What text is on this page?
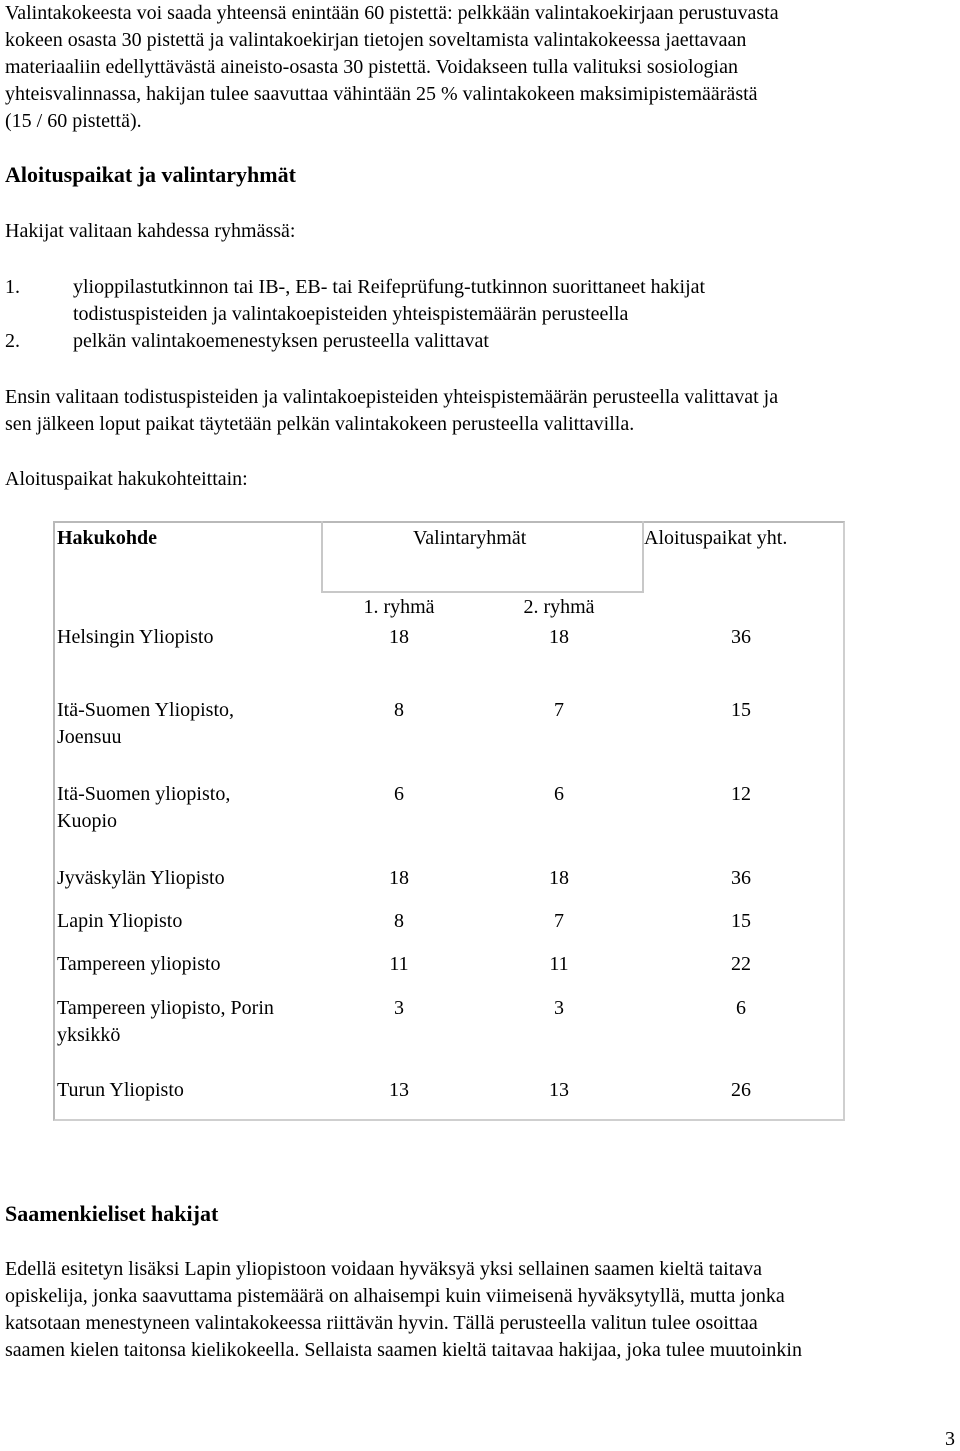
Valintakokeesta voi saada yhteensä enintään 60 pistettä: pelkkään valintakoekirjaan perustuvasta

kokeen osasta 30 pistettä ja valintakoekirjan tietojen soveltamista valintakokeessa jaettavaan

materiaaliin edellyttävästä aineisto-osasta 30 pistettä. Voidakseen tulla valituksi sosiologian

yhteisvalinnassa, hakijan tulee saavuttaa vähintään 25 % valintakokeen maksimipistemäärästä

(15 / 60 pistettä).

Aloituspaikat ja valintaryhmät

Hakijat valitaan kahdessa ryhmässä:

1.	ylioppilastutkinnon tai IB-, EB- tai Reifeprüfung-tutkinnon suorittaneet hakijat
todistuspisteiden ja valintakoepisteiden yhteispistemäärän perusteella
2.	pelkän valintakoemenestyksen perusteella valittavat

Ensin valitaan todistuspisteiden ja valintakoepisteiden yhteispistemäärän perusteella valittavat ja

sen jälkeen loput paikat täytetään pelkän valintakokeen perusteella valittavilla.

Aloituspaikat hakukohteittain:

Hakukohde	Valintaryhmät	Aloituspaikat yht.
1. ryhmä	2. ryhmä
Helsingin Yliopisto	18	18	36
Itä-Suomen Yliopisto,
Joensuu
8	7	15
Itä-Suomen yliopisto,
Kuopio
6	6	12
Jyväskylän Yliopisto	18	18	36
Lapin Yliopisto	8	7	15
Tampereen yliopisto	11	11	22
Tampereen yliopisto, Porin
yksikkö
3	3	6
Turun Yliopisto	13	13	26

Saamenkieliset hakijat

Edellä esitetyn lisäksi Lapin yliopistoon voidaan hyväksyä yksi sellainen saamen kieltä taitava

opiskelija, jonka saavuttama pistemäärä on alhaisempi kuin viimeisenä hyväksytyllä, mutta jonka

katsotaan menestyneen valintakokeessa riittävän hyvin. Tällä perusteella valitun tulee osoittaa

saamen kielen taitonsa kielikokeella. Sellaista saamen kieltä taitavaa hakijaa, joka tulee muutoinkin

3
